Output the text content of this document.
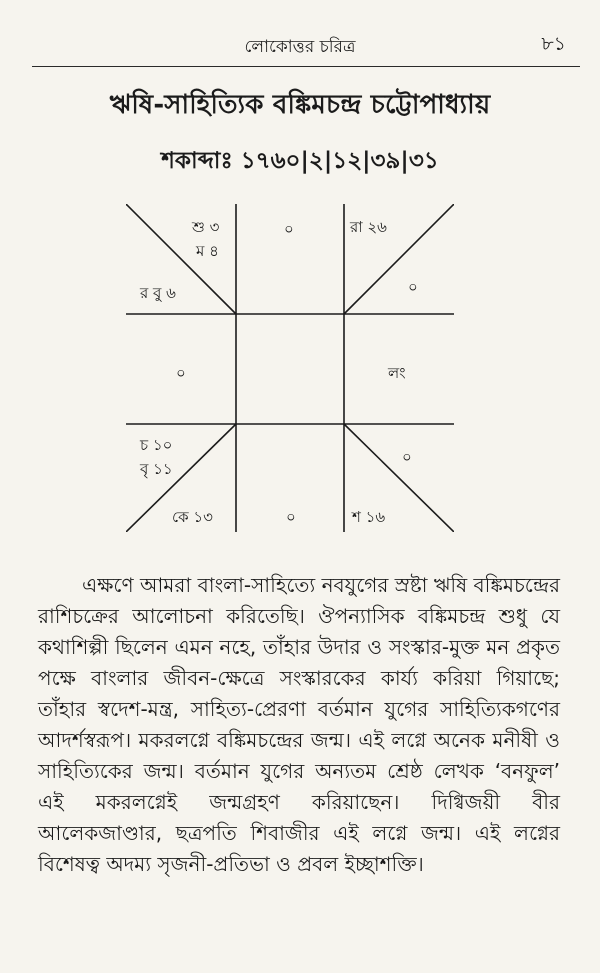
লোকোত্তর চরিত্র	৮১
ঋষি-সাহিত্যিক বঙ্কিমচন্দ্র চট্টোপাধ্যায়
শকাব্দাঃ ১৭৬০|২|১২|৩৯|৩১
শু ৩
ম ৪
র বু ৬
০	রা ২৬
০
০	লং
চ ১০
বৃ ১১
০
কে ১৩	০	শ ১৬

এক্ষণে আমরা বাংলা-সাহিত্যে নবযুগের স্রষ্টা ঋষি বঙ্কিমচন্দ্রের রাশিচক্রের আলোচনা করিতেছি। ঔপন্যাসিক বঙ্কিমচন্দ্র শুধু যে কথাশিল্পী ছিলেন এমন নহে, তাঁহার উদার ও সংস্কার-মুক্ত মন প্রকৃত পক্ষে বাংলার জীবন-ক্ষেত্রে সংস্কারকের কার্য্য করিয়া গিয়াছে; তাঁহার স্বদেশ-মন্ত্র, সাহিত্য-প্রেরণা বর্তমান যুগের সাহিত্যিকগণের আদর্শস্বরূপ। মকরলগ্নে বঙ্কিমচন্দ্রের জন্ম। এই লগ্নে অনেক মনীষী ও সাহিত্যিকের জন্ম। বর্তমান যুগের অন্যতম শ্রেষ্ঠ লেখক ‘বনফুল’ এই মকরলগ্নেই জন্মগ্রহণ করিয়াছেন। দিগ্বিজয়ী বীর আলেকজাণ্ডার, ছত্রপতি শিবাজীর এই লগ্নে জন্ম। এই লগ্নের বিশেষত্ব অদম্য সৃজনী-প্রতিভা ও প্রবল ইচ্ছাশক্তি।
